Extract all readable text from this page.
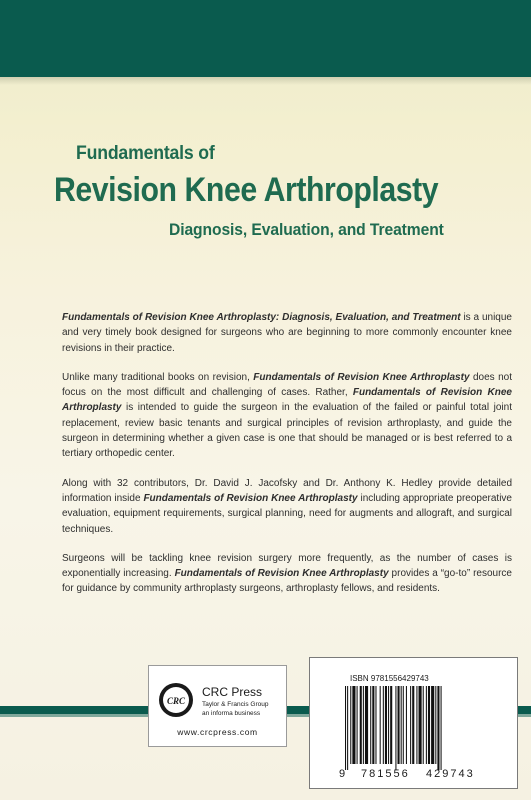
Fundamentals of
Revision Knee Arthroplasty
Diagnosis, Evaluation, and Treatment

Fundamentals of Revision Knee Arthroplasty: Diagnosis, Evaluation, and Treatment is a unique and very timely book designed for surgeons who are beginning to more commonly encounter knee revisions in their practice.

Unlike many traditional books on revision, Fundamentals of Revision Knee Arthroplasty does not focus on the most difficult and challenging of cases. Rather, Fundamentals of Revision Knee Arthroplasty is intended to guide the surgeon in the evaluation of the failed or painful total joint replacement, review basic tenants and surgical principles of revision arthroplasty, and guide the surgeon in determining whether a given case is one that should be managed or is best referred to a tertiary orthopedic center.

Along with 32 contributors, Dr. David J. Jacofsky and Dr. Anthony K. Hedley provide detailed information inside Fundamentals of Revision Knee Arthroplasty including appropriate preoperative evaluation, equipment requirements, surgical planning, need for augments and allograft, and surgical techniques.

Surgeons will be tackling knee revision surgery more frequently, as the number of cases is exponentially increasing. Fundamentals of Revision Knee Arthroplasty provides a “go-to” resource for guidance by community arthroplasty surgeons, arthroplasty fellows, and residents.

CRC

CRC Press

Taylor & Francis Group

an informa business

www.crcpress.com

ISBN 9781556429743

9 781556 429743
